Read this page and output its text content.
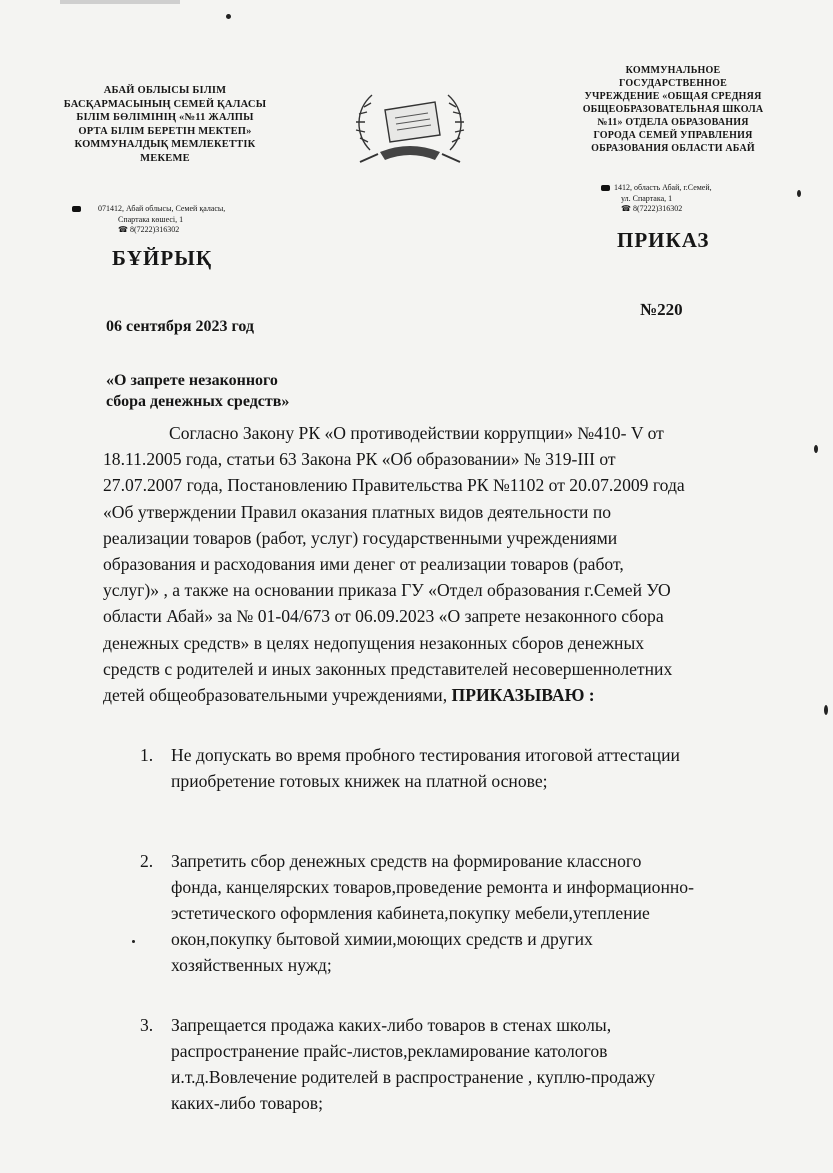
АБАЙ ОБЛЫСЫ БІЛІМ
БАСҚАРМАСЫНЫҢ СЕМЕЙ ҚАЛАСЫ
БІЛІМ БӨЛІМІНІҢ «№11 ЖАЛПЫ
ОРТА БІЛІМ БЕРЕТІН МЕКТЕП»
КОММУНАЛДЫҚ МЕМЛЕКЕТТІК
МЕКЕМЕ
КОММУНАЛЬНОЕ
ГОСУДАРСТВЕННОЕ
УЧРЕЖДЕНИЕ «ОБЩАЯ СРЕДНЯЯ
ОБЩЕОБРАЗОВАТЕЛЬНАЯ ШКОЛА
№11» ОТДЕЛА ОБРАЗОВАНИЯ
ГОРОДА СЕМЕЙ УПРАВЛЕНИЯ
ОБРАЗОВАНИЯ ОБЛАСТИ АБАЙ
071412, Абай облысы, Семей қаласы,
Спартака көшесі, 1
☎ 8(7222)316302
1412, область Абай, г.Семей,
ул. Спартака, 1
☎ 8(7222)316302
БҰЙРЫҚ
ПРИКАЗ
№220
06 сентября 2023 год
«О запрете незаконного
сбора денежных средств»
Согласно Закону РК «О противодействии коррупции» №410- V от
18.11.2005 года, статьи 63 Закона РК «Об образовании» № 319-III от
27.07.2007 года, Постановлению Правительства РК №1102 от 20.07.2009 года
«Об утверждении Правил оказания платных видов деятельности по
реализации товаров (работ, услуг) государственными учреждениями
образования и расходования ими денег от реализации товаров (работ,
услуг)» , а также на основании приказа ГУ «Отдел образования г.Семей УО
области Абай» за № 01-04/673 от 06.09.2023 «О запрете незаконного сбора
денежных средств» в целях недопущения незаконных сборов денежных
средств с родителей и иных законных представителей несовершеннолетних
детей общеобразовательными учреждениями, ПРИКАЗЫВАЮ :
1. Не допускать во время пробного тестирования итоговой аттестации
приобретение готовых книжек на платной основе;
2. Запретить сбор денежных средств на формирование классного
фонда, канцелярских товаров,проведение ремонта и информационно-
эстетического оформления кабинета,покупку мебели,утепление
окон,покупку бытовой химии,моющих средств и других
хозяйственных нужд;
3. Запрещается продажа каких-либо товаров в стенах школы,
распространение прайс-листов,рекламирование катологов
и.т.д.Вовлечение родителей в распространение , куплю-продажу
каких-либо товаров;
